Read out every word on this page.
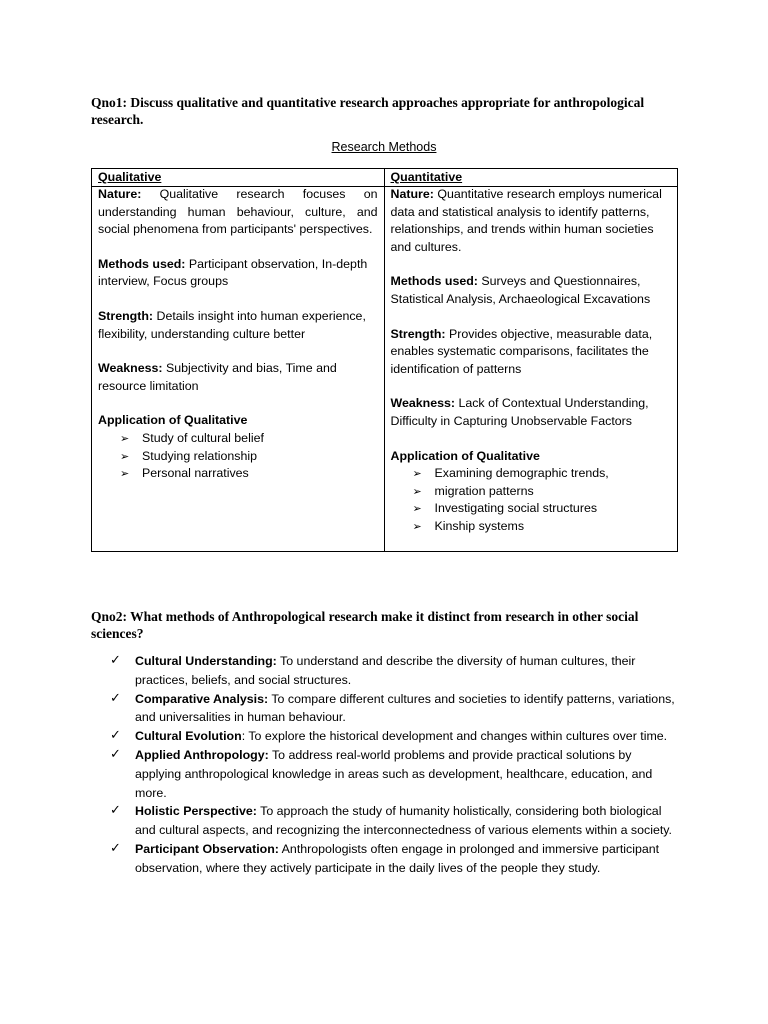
Qno1: Discuss qualitative and quantitative research approaches appropriate for anthropological research.
Research Methods
Qualitative

Nature: Qualitative research focuses on understanding human behaviour, culture, and social phenomena from participants' perspectives.

Methods used: Participant observation, In-depth interview, Focus groups

Strength: Details insight into human experience, flexibility, understanding culture better

Weakness: Subjectivity and bias, Time and resource limitation

Application of Qualitative

➢ Study of cultural belief
➢ Studying relationship
➢ Personal narratives
Quantitative

Nature: Quantitative research employs numerical data and statistical analysis to identify patterns, relationships, and trends within human societies and cultures.

Methods used: Surveys and Questionnaires, Statistical Analysis, Archaeological Excavations

Strength: Provides objective, measurable data, enables systematic comparisons, facilitates the identification of patterns

Weakness: Lack of Contextual Understanding, Difficulty in Capturing Unobservable Factors

Application of Qualitative

➢ Examining demographic trends,
➢ migration patterns
➢ Investigating social structures
➢ Kinship systems
Qno2: What methods of Anthropological research make it distinct from research in other social sciences?
✓ Cultural Understanding: To understand and describe the diversity of human cultures, their practices, beliefs, and social structures.
✓ Comparative Analysis: To compare different cultures and societies to identify patterns, variations, and universalities in human behaviour.
✓ Cultural Evolution: To explore the historical development and changes within cultures over time.
✓ Applied Anthropology: To address real-world problems and provide practical solutions by applying anthropological knowledge in areas such as development, healthcare, education, and more.
✓ Holistic Perspective: To approach the study of humanity holistically, considering both biological and cultural aspects, and recognizing the interconnectedness of various elements within a society.
✓ Participant Observation: Anthropologists often engage in prolonged and immersive participant observation, where they actively participate in the daily lives of the people they study.
